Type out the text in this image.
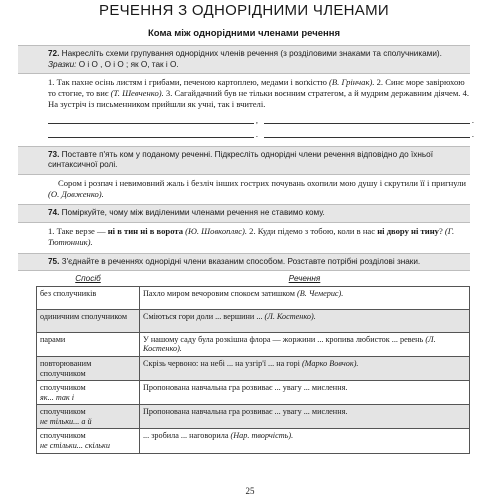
РЕЧЕННЯ З ОДНОРІДНИМИ ЧЛЕНАМИ
Кома між однорідними членами речення
72. Накресліть схеми групування однорідних членів речення (з розділовими знаками та сполучниками).
Зразки: О і О , О і О ; як О, так і О.
1. Так пахне осінь листям і грибами, печеною картоплею, медами і воґкістю (В. Грінчак). 2. Синє море завірюхою то стогне, то виє (Т. Шевченко). 3. Сагайдачний був не тільки воєнним стратегом, а й мудрим державним діячем. 4. На зустріч із письменником прийшли як учні, так і вчителі.
,	.
.	.
73. Поставте п'ять ком у поданому реченні. Підкресліть однорідні члени речення відповідно до їхньої синтаксичної ролі.
Сором і розпач і невимовний жаль і безліч інших гострих почувань охопили мою душу і скрутили її і пригнули (О. Довженко).
74. Поміркуйте, чому між виділеними членами речення не ставимо кому.
1. Таке верзе — ні в тин ні в ворота (Ю. Шовкопляс). 2. Куди підемо з тобою, коли в нас ні двору ні тину? (Г. Тютюнник).
75. З'єднайте в реченнях однорідні члени вказаним способом. Розставте потрібні розділові знаки.
Спосіб	Речення
без сполучників	Пахло миром вечоровим спокоєм затишком (В. Чемерис).
одиничним сполучником	Сміються гори доли ... вершини ... (Л. Костенко).
парами	У нашому саду була розкішна флора — жоржини ... кропива любисток ... ревень (Л. Костенко).
повторюваним сполучником	Скрізь червоно: на небі ... на узгір'ї ... на горі (Марко Вовчок).
сполучником
як... так і	Пропонована навчальна гра розвиває ... увагу ... мислення.
сполучником
не тільки... а й	Пропонована навчальна гра розвиває ... увагу ... мислення.
сполучником
не стільки... скільки	... зробила ... наговорила (Нар. творчість).
25
